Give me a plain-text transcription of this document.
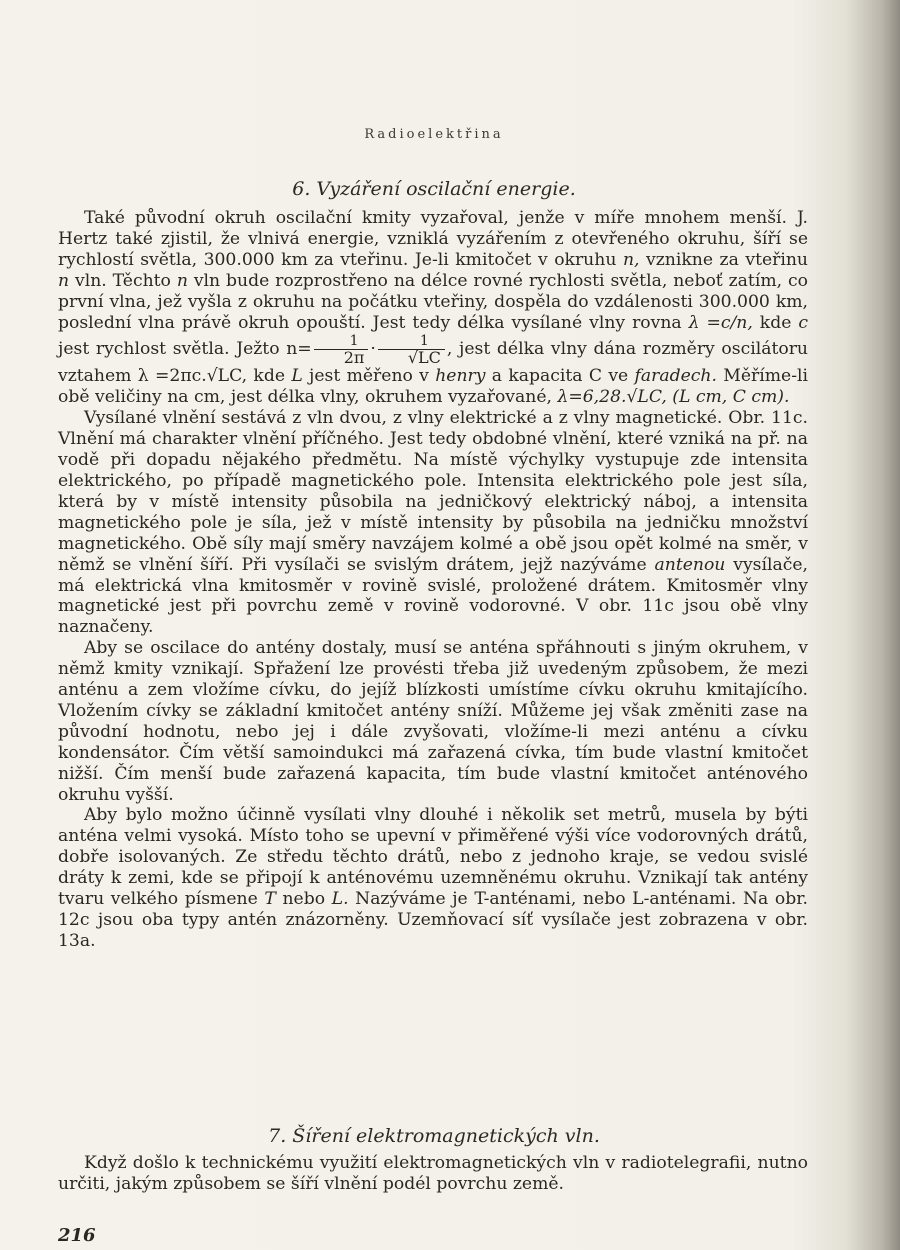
Radioelektřina
6. Vyzáření oscilační energie.

Také původní okruh oscilační kmity vyzařoval, jenže v míře mnohem menší. J. Hertz také zjistil, že vlnivá energie, vzniklá vyzářením z otevřeného okruhu, šíří se rychlostí světla, 300.000 km za vteřinu. Je-li kmitočet v okruhu n, vznikne za vteřinu n vln. Těchto n vln bude rozprostřeno na délce rovné rychlosti světla, neboť zatím, co první vlna, jež vyšla z okruhu na počátku vteřiny, dospěla do vzdálenosti 300.000 km, poslední vlna právě okruh opouští. Jest tedy délka vysílané vlny rovna λ =c/n, kde c jest rychlost světla. Ježto $n= \frac{1}{2\pi} \cdot \frac{1}{√LC}$ , jest délka vlny dána rozměry oscilátoru vztahem λ =2πc.√LC, kde L jest měřeno v henry a kapacita C ve faradech. Měříme-li obě veličiny na cm, jest délka vlny, okruhem vyzařované, λ=6,28.√LC, (L cm, C cm).

Vysílané vlnění sestává z vln dvou, z vlny elektrické a z vlny magnetické. Obr. 11c. Vlnění má charakter vlnění příčného. Jest tedy obdobné vlnění, které vzniká na př. na vodě při dopadu nějakého předmětu. Na místě výchylky vystupuje zde intensita elektrického, po případě magnetického pole. Intensita elektrického pole jest síla, která by v místě intensity působila na jedničkový elektrický náboj, a intensita magnetického pole je síla, jež v místě intensity by působila na jedničku množství magnetického. Obě síly mají směry navzájem kolmé a obě jsou opět kolmé na směr, v němž se vlnění šíří. Při vysílači se svislým drátem, jejž nazýváme antenou vysílače, má elektrická vlna kmitosměr v rovině svislé, proložené drátem. Kmitosměr vlny magnetické jest při povrchu země v rovině vodorovné. V obr. 11c jsou obě vlny naznačeny.

Aby se oscilace do antény dostaly, musí se anténa spřáhnouti s jiným okruhem, v němž kmity vznikají. Spřažení lze provésti třeba již uvedeným způsobem, že mezi anténu a zem vložíme cívku, do jejíž blízkosti umístíme cívku okruhu kmitajícího. Vložením cívky se základní kmitočet antény sníží. Můžeme jej však změniti zase na původní hodnotu, nebo jej i dále zvyšovati, vložíme-li mezi anténu a cívku kondensátor. Čím větší samoindukci má zařazená cívka, tím bude vlastní kmitočet nižší. Čím menší bude zařazená kapacita, tím bude vlastní kmitočet anténového okruhu vyšší.

Aby bylo možno účinně vysílati vlny dlouhé i několik set metrů, musela by býti anténa velmi vysoká. Místo toho se upevní v přiměřené výši více vodorovných drátů, dobře isolovaných. Ze středu těchto drátů, nebo z jednoho kraje, se vedou svislé dráty k zemi, kde se připojí k anténovému uzemněnému okruhu. Vznikají tak antény tvaru velkého písmene T nebo L. Nazýváme je T-anténami, nebo L-anténami. Na obr. 12c jsou oba typy antén znázorněny. Uzemňovací síť vysílače jest zobrazena v obr. 13a.

7. Šíření elektromagnetických vln.

Když došlo k technickému využití elektromagnetických vln v radiotelegrafii, nutno určiti, jakým způsobem se šíří vlnění podél povrchu země.

216
